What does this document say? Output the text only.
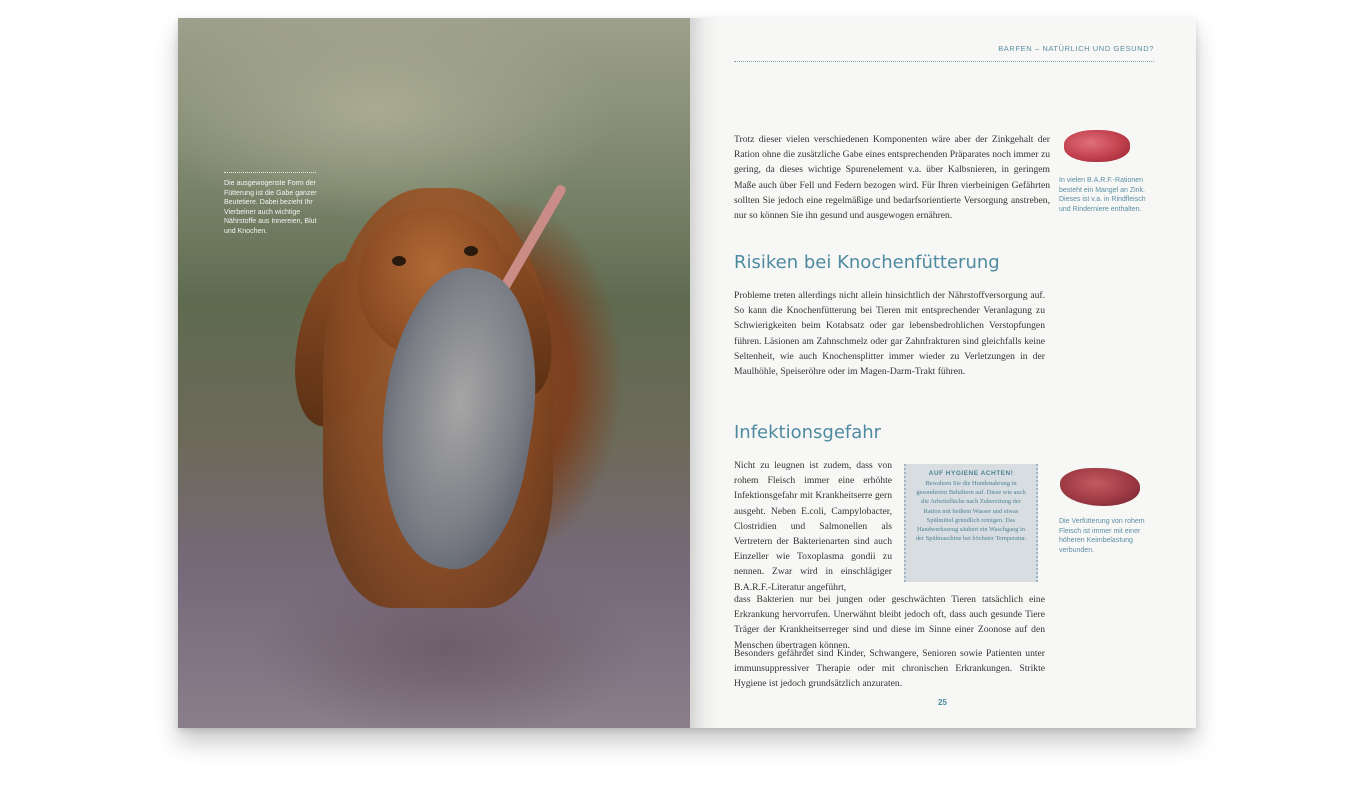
Die ausgewogenste Form der Fütterung ist die Gabe ganzer Beutetiere. Dabei bezieht Ihr Vierbeiner auch wichtige Nährstoffe aus Innereien, Blut und Knochen.
BARFEN – NATÜRLICH UND GESUND?
Trotz dieser vielen verschiedenen Komponenten wäre aber der Zinkgehalt der Ration ohne die zusätzliche Gabe eines entsprechenden Präparates noch immer zu gering, da dieses wichtige Spurenelement v.a. über Kalbsnieren, in geringem Maße auch über Fell und Federn bezogen wird. Für Ihren vierbeinigen Gefährten sollten Sie jedoch eine regelmäßige und bedarfsorientierte Versorgung anstreben, nur so können Sie ihn gesund und ausgewogen ernähren.
In vielen B.A.R.F.-Rationen besteht ein Mangel an Zink. Dieses ist v.a. in Rindfleisch und Rinderniere enthalten.
Risiken bei Knochenfütterung
Probleme treten allerdings nicht allein hinsichtlich der Nährstoffversorgung auf. So kann die Knochenfütterung bei Tieren mit entsprechender Veranlagung zu Schwierigkeiten beim Kotabsatz oder gar lebensbedrohlichen Verstopfungen führen. Läsionen am Zahnschmelz oder gar Zahnfrakturen sind gleichfalls keine Seltenheit, wie auch Knochensplitter immer wieder zu Verletzungen in der Maulhöhle, Speiseröhre oder im Magen-Darm-Trakt führen.
Infektionsgefahr
Nicht zu leugnen ist zudem, dass von rohem Fleisch immer eine erhöhte Infektionsgefahr mit Krankheitserre gern ausgeht. Neben E.coli, Campylobacter, Clostridien und Salmonellen als Vertretern der Bakterienarten sind auch Einzeller wie Toxoplasma gondii zu nennen. Zwar wird in einschlägiger B.A.R.F.-Literatur angeführt,
dass Bakterien nur bei jungen oder geschwächten Tieren tatsächlich eine Erkrankung hervorrufen. Unerwähnt bleibt jedoch oft, dass auch gesunde Tiere Träger der Krankheitserreger sind und diese im Sinne einer Zoonose auf den Menschen übertragen können.
Besonders gefährdet sind Kinder, Schwangere, Senioren sowie Patienten unter immunsuppressiver Therapie oder mit chronischen Erkrankungen. Strikte Hygiene ist jedoch grundsätzlich anzuraten.
AUF HYGIENE ACHTEN!
Bewahren Sie die Hundenahrung in gesonderten Behältern auf. Diese wie auch die Arbeitsfläche nach Zubereitung der Ration mit heißem Wasser und etwas Spülmittel gründlich reinigen. Das Handwerkszeug säubert ein Waschgang in der Spülmaschine bei höchster Temperatur.
Die Verfütterung von rohem Fleisch ist immer mit einer höheren Keimbelastung verbunden.
25
